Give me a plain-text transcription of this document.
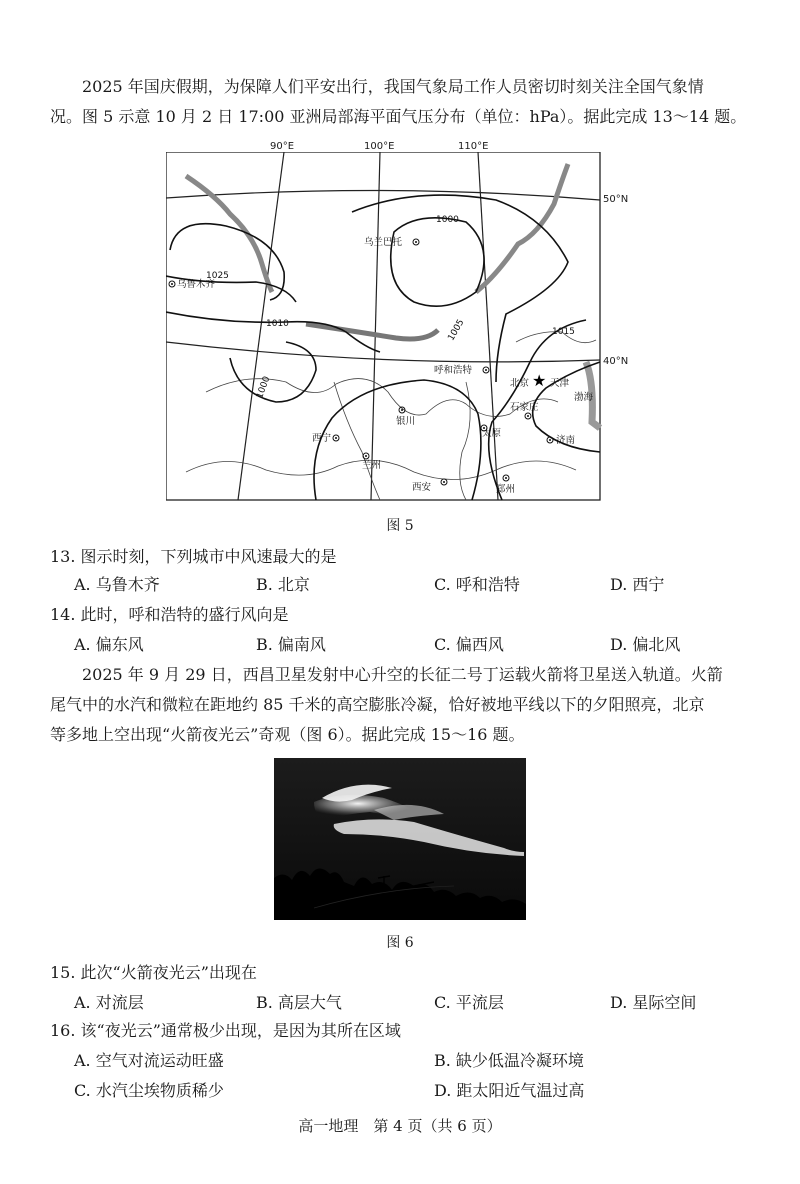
2025 年国庆假期，为保障人们平安出行，我国气象局工作人员密切时刻关注全国气象情
况。图 5 示意 10 月 2 日 17:00 亚洲局部海平面气压分布（单位：hPa）。据此完成 13～14 题。
1000
1025
1010	1005	1015
1000
乌兰巴托
乌鲁木齐
呼和浩特
★
北京 天津
石家庄
太原
银川
西宁
兰州
西安	郑州
济南
渤海
90°E	100°E	110°E
50°N
40°N
图 5
13. 图示时刻，下列城市中风速最大的是
A. 乌鲁木齐	B. 北京	C. 呼和浩特	D. 西宁
14. 此时，呼和浩特的盛行风向是
A. 偏东风	B. 偏南风	C. 偏西风	D. 偏北风
2025 年 9 月 29 日，西昌卫星发射中心升空的长征二号丁运载火箭将卫星送入轨道。火箭
尾气中的水汽和微粒在距地约 85 千米的高空膨胀冷凝，恰好被地平线以下的夕阳照亮，北京
等多地上空出现“火箭夜光云”奇观（图 6）。据此完成 15～16 题。
图 6
15. 此次“火箭夜光云”出现在
A. 对流层	B. 高层大气	C. 平流层	D. 星际空间
16. 该“夜光云”通常极少出现，是因为其所在区域
A. 空气对流运动旺盛	B. 缺少低温冷凝环境
C. 水汽尘埃物质稀少	D. 距太阳近气温过高
高一地理　第 4 页（共 6 页）
